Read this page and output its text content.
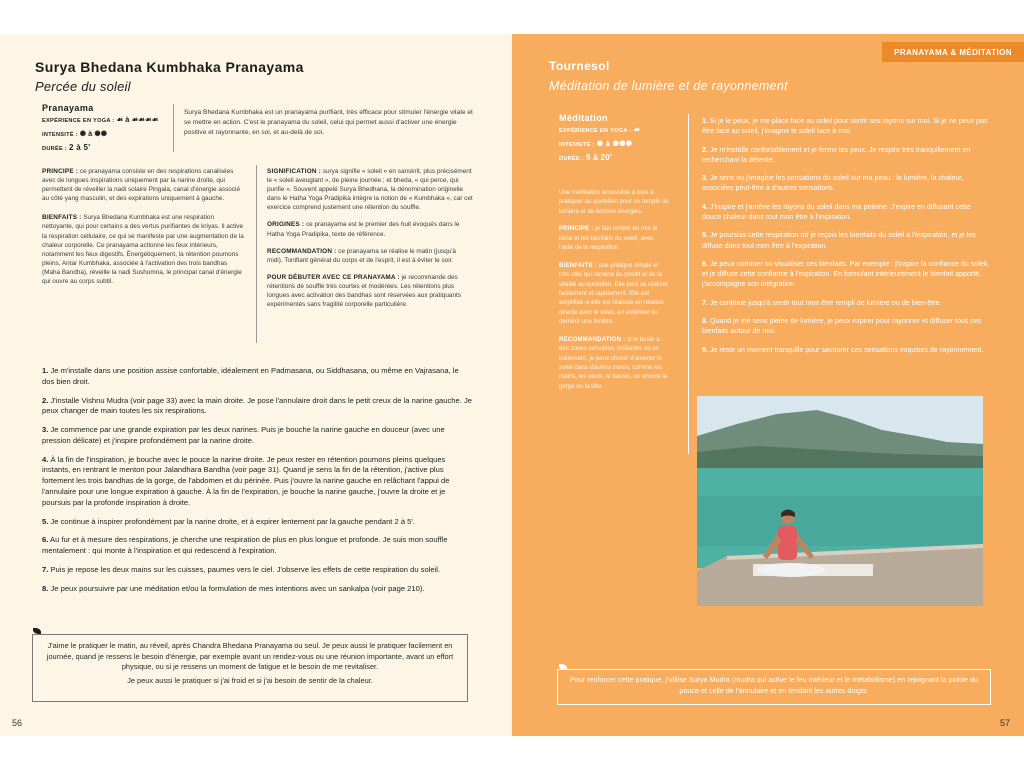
Surya Bhedana Kumbhaka Pranayama
Percée du soleil
Pranayama
EXPÉRIENCE EN YOGA : ☙ à ☙☙☙☙
INTENSITÉ : ✺ à ✺✺
DURÉE : 2 à 5'
Surya Bhedana Kumbhaka est un pranayama purifiant, très efficace pour stimuler l'énergie vitale et se mettre en action. C'est le pranayama du soleil, celui qui permet aussi d'activer une énergie positive et rayonnante, en soi, et au-delà de soi.

PRINCIPE : ce pranayama consiste en des respirations canalisées avec de longues inspirations uniquement par la narine droite, qui permettent de réveiller la nadi solaire Pingala, canal d'énergie associé au côté yang masculin, et des expirations uniquement à gauche.

BIENFAITS : Surya Bhedana Kumbhaka est une respiration nettoyante, qui pour certains a des vertus purifiantes de kriyas. Il active la respiration cellulaire, ce qui se manifeste par une augmentation de la chaleur corporelle. Ce pranayama actionne les feux intérieurs, notamment les feux digestifs. Énergétiquement, la rétention poumons pleins, Antar Kumbhaka, associée à l'activation des trois bandhas (Maha Bandha), réveille la nadi Sushumna, le principal canal d'énergie qui ouvre au corps subtil.

SIGNIFICATION : surya signifie « soleil » en sanskrit, plus précisément le « soleil aveuglant », de pleine journée ; et bheda, « qui perce, qui purifie ». Souvent appelé Surya Bhedhana, la dénomination originelle dans le Hatha Yoga Pradipika intègre la notion de « Kumbhaka », car cet exercice comprend justement une rétention du souffle.

ORIGINES : ce pranayama est le premier des huit évoqués dans le Hatha Yoga Pradipika, texte de référence.

RECOMMANDATION : ce pranayama se réalise le matin (jusqu'à midi). Tonifiant général du corps et de l'esprit, il est à éviter le soir.

POUR DÉBUTER AVEC CE PRANAYAMA : je recommande des rétentions de souffle très courtes et modérées. Les rétentions plus longues avec activation des bandhas sont réservées aux pratiquants expérimentés sans fragilité corporelle particulière.

1. Je m'installe dans une position assise confortable, idéalement en Padmasana, ou Siddhasana, ou même en Vajrasana, le dos bien droit.

2. J'installe Vishnu Mudra (voir page 33) avec la main droite. Je pose l'annulaire droit dans le petit creux de la narine gauche. Je peux changer de main toutes les six respirations.

3. Je commence par une grande expiration par les deux narines. Puis je bouche la narine gauche en douceur (avec une pression délicate) et j'inspire profondément par la narine droite.

4. À la fin de l'inspiration, je bouche avec le pouce la narine droite. Je peux rester en rétention poumons pleins quelques instants, en rentrant le menton pour Jalandhara Bandha (voir page 31). Quand je sens la fin de la rétention, j'active plus fortement les trois bandhas de la gorge, de l'abdomen et du périnée. Puis j'ouvre la narine gauche en relâchant l'appui de l'annulaire pour une longue expiration à gauche. À la fin de l'expiration, je bouche la narine gauche, j'ouvre la droite et je poursuis par la profonde inspiration à droite.

5. Je continue à inspirer profondément par la narine droite, et à expirer lentement par la gauche pendant 2 à 5'.

6. Au fur et à mesure des respirations, je cherche une respiration de plus en plus longue et profonde. Je suis mon souffle mentalement : qui monte à l'inspiration et qui redescend à l'expiration.

7. Puis je repose les deux mains sur les cuisses, paumes vers le ciel. J'observe les effets de cette respiration du soleil.

8. Je peux poursuivre par une méditation et/ou la formulation de mes intentions avec un sankalpa (voir page 210).

J'aime le pratiquer le matin, au réveil, après Chandra Bhedana Pranayama ou seul. Je peux aussi le pratiquer facilement en journée, quand je ressens le besoin d'énergie, par exemple avant un rendez-vous ou une réunion importante, avant un effort physique, ou si je ressens un moment de fatigue et le besoin de me revitaliser.
Je peux aussi le pratiquer si j'ai froid et si j'ai besoin de sentir de la chaleur.
56
PRANAYAMA & MÉDITATION
Tournesol
Méditation de lumière et de rayonnement
Méditation
EXPÉRIENCE EN YOGA : ☙
INTENSITÉ : ✺ à ✺✺✺
DURÉE : 5 à 20'

Une méditation accessible à tous à pratiquer au quotidien pour se remplir de lumière et de bonnes énergies.

PRINCIPE : je fais rentrer en moi la force et les bienfaits du soleil, avec l'aide de la respiration.

BIENFAITS : une pratique simple et très utile qui ramène du positif et de la vitalité au quotidien. Elle peut se réaliser facilement et rapidement. Elle est amplifiée si elle est réalisée en relation directe avec le soleil, en extérieur ou derrière une fenêtre.

RECOMMANDATION : si le buste a des zones sensibles, brûlantes ou en traitement, je peux choisir d'amener le soleil dans d'autres zones, comme les mains, les pieds, le bassin, ou encore la gorge ou la tête.

1. Si je le peux, je me place face au soleil pour sentir ses rayons sur moi. Si je ne peux pas être face au soleil, j'imagine le soleil face à moi.

2. Je m'installe confortablement et je ferme les yeux. Je respire très tranquillement en recherchant la détente.

3. Je sens ou j'imagine les sensations du soleil sur ma peau : la lumière, la chaleur, associées peut-être à d'autres sensations.

4. J'inspire et j'amène les rayons du soleil dans ma poitrine. J'expire en diffusant cette douce chaleur dans tout mon être à l'expiration.

5. Je poursuis cette respiration où je reçois les bienfaits du soleil à l'inspiration, et je les diffuse dans tout mon être à l'expiration.

6. Je peux nommer ou visualiser ces bienfaits. Par exemple : j'inspire la confiance du soleil, et je diffuse cette confiance à l'expiration. En formulant intérieurement le bienfait apporté, j'accompagne son intégration.

7. Je continue jusqu'à sentir tout mon être rempli de lumière ou de bien-être.

8. Quand je me sens pleine de lumière, je peux expirer pour rayonner et diffuser tous ces bienfaits autour de moi.

9. Je reste un moment tranquille pour savourer ces sensations exquises de rayonnement.

Pour renforcer cette pratique, j'utilise Surya Mudra (mudra qui active le feu intérieur et le métabolisme) en rejoignant la pointe du pouce et celle de l'annulaire et en tendant les autres doigts.
57
